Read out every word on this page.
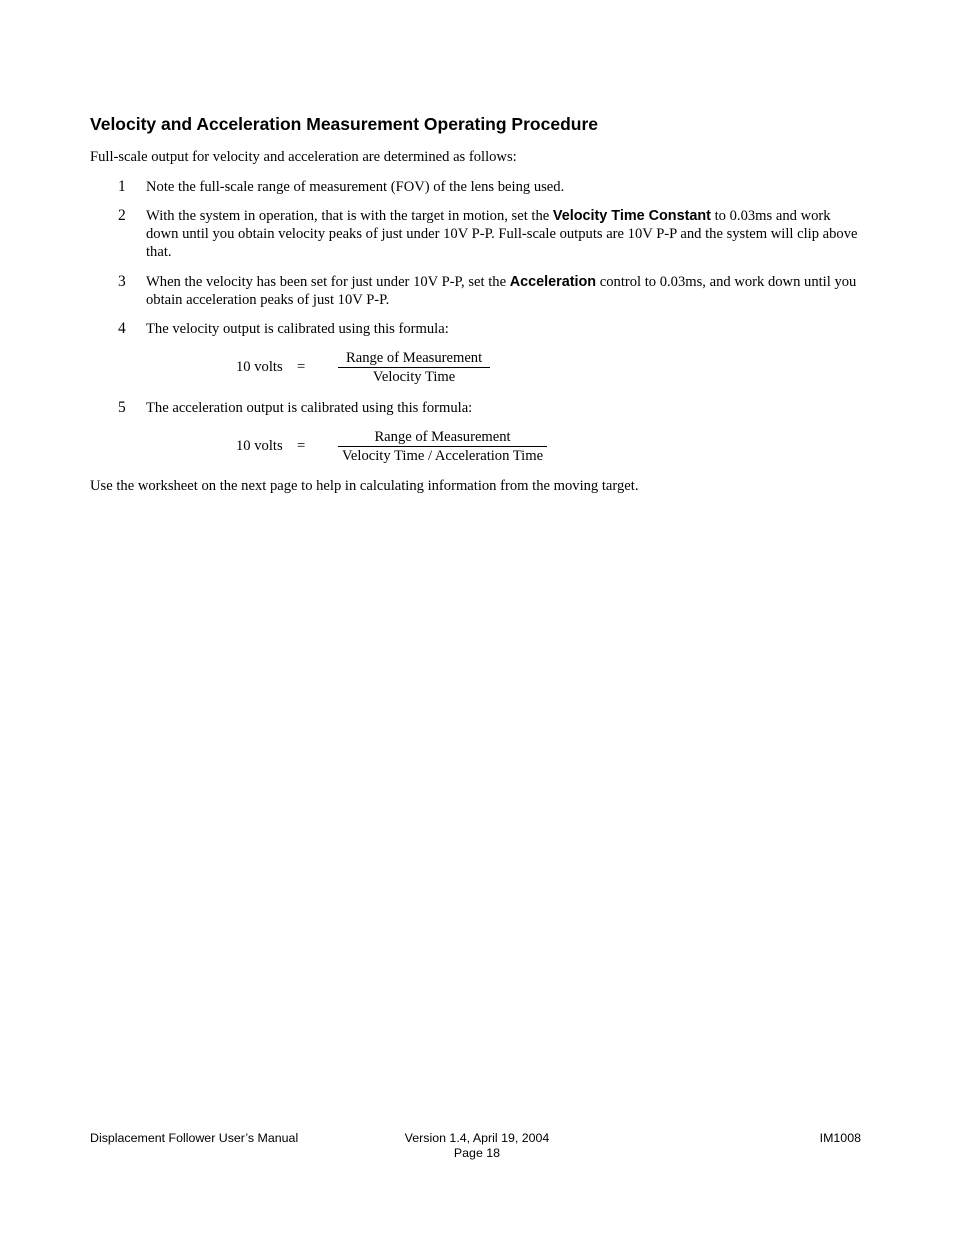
Velocity and Acceleration Measurement Operating Procedure
Full-scale output for velocity and acceleration are determined as follows:
1 Note the full-scale range of measurement (FOV) of the lens being used.
2 With the system in operation, that is with the target in motion, set the Velocity Time Constant to 0.03ms and work down until you obtain velocity peaks of just under 10V P-P. Full-scale outputs are 10V P-P and the system will clip above that.
3 When the velocity has been set for just under 10V P-P, set the Acceleration control to 0.03ms, and work down until you obtain acceleration peaks of just 10V P-P.
4 The velocity output is calibrated using this formula:
10 volts =
Range of Measurement
Velocity Time
5 The acceleration output is calibrated using this formula:
10 volts =
Range of Measurement
Velocity Time / Acceleration Time
Use the worksheet on the next page to help in calculating information from the moving target.
Displacement Follower User’s Manual	Version 1.4, April 19, 2004
Page 18
IM1008
